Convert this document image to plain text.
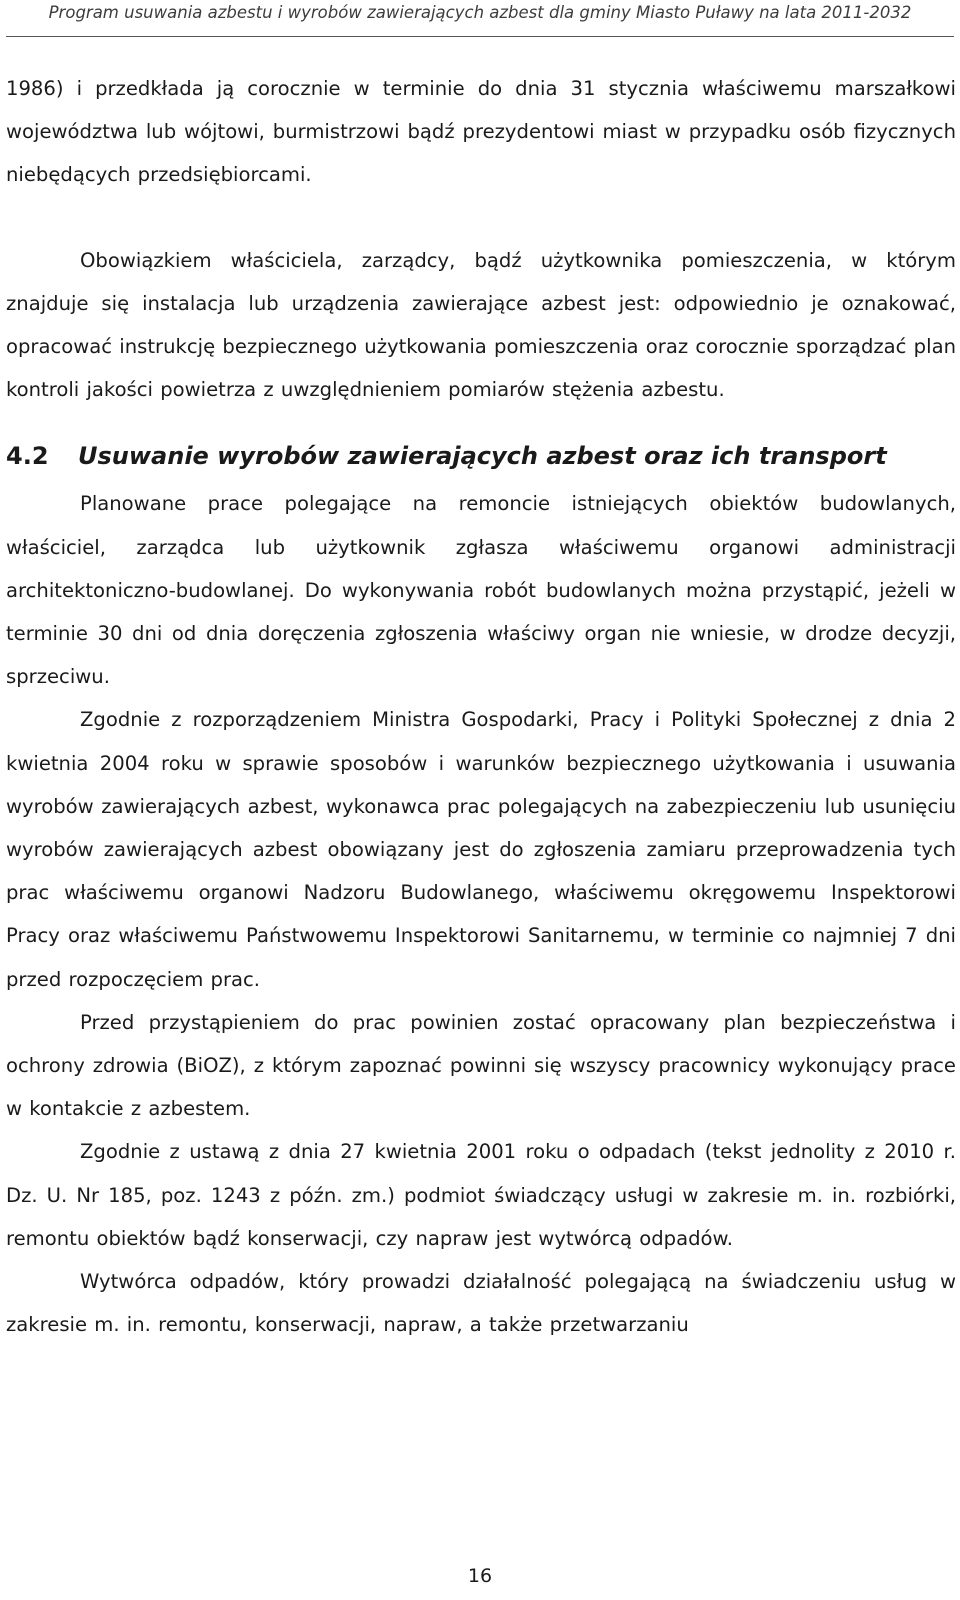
Program usuwania azbestu i wyrobów zawierających azbest dla gminy Miasto Puławy na lata 2011-2032

1986) i przedkłada ją corocznie w terminie do dnia 31 stycznia właściwemu marszałkowi województwa lub wójtowi, burmistrzowi bądź prezydentowi miast w przypadku osób fizycznych niebędących przedsiębiorcami.

Obowiązkiem właściciela, zarządcy, bądź użytkownika pomieszczenia, w którym znajduje się instalacja lub urządzenia zawierające azbest jest: odpowiednio je oznakować, opracować instrukcję bezpiecznego użytkowania pomieszczenia oraz corocznie sporządzać plan kontroli jakości powietrza z uwzględnieniem pomiarów stężenia azbestu.

4.2 Usuwanie wyrobów zawierających azbest oraz ich transport

Planowane prace polegające na remoncie istniejących obiektów budowlanych, właściciel, zarządca lub użytkownik zgłasza właściwemu organowi administracji architektoniczno-budowlanej. Do wykonywania robót budowlanych można przystąpić, jeżeli w terminie 30 dni od dnia doręczenia zgłoszenia właściwy organ nie wniesie, w drodze decyzji, sprzeciwu.

Zgodnie z rozporządzeniem Ministra Gospodarki, Pracy i Polityki Społecznej z dnia 2 kwietnia 2004 roku w sprawie sposobów i warunków bezpiecznego użytkowania i usuwania wyrobów zawierających azbest, wykonawca prac polegających na zabezpieczeniu lub usunięciu wyrobów zawierających azbest obowiązany jest do zgłoszenia zamiaru przeprowadzenia tych prac właściwemu organowi Nadzoru Budowlanego, właściwemu okręgowemu Inspektorowi Pracy oraz właściwemu Państwowemu Inspektorowi Sanitarnemu, w terminie co najmniej 7 dni przed rozpoczęciem prac.

Przed przystąpieniem do prac powinien zostać opracowany plan bezpieczeństwa i ochrony zdrowia (BiOZ), z którym zapoznać powinni się wszyscy pracownicy wykonujący prace w kontakcie z azbestem.

Zgodnie z ustawą z dnia 27 kwietnia 2001 roku o odpadach (tekst jednolity z 2010 r. Dz. U. Nr 185, poz. 1243 z późn. zm.) podmiot świadczący usługi w zakresie m. in. rozbiórki, remontu obiektów bądź konserwacji, czy napraw jest wytwórcą odpadów.

Wytwórca odpadów, który prowadzi działalność polegającą na świadczeniu usług w zakresie m. in. remontu, konserwacji, napraw, a także przetwarzaniu

16
